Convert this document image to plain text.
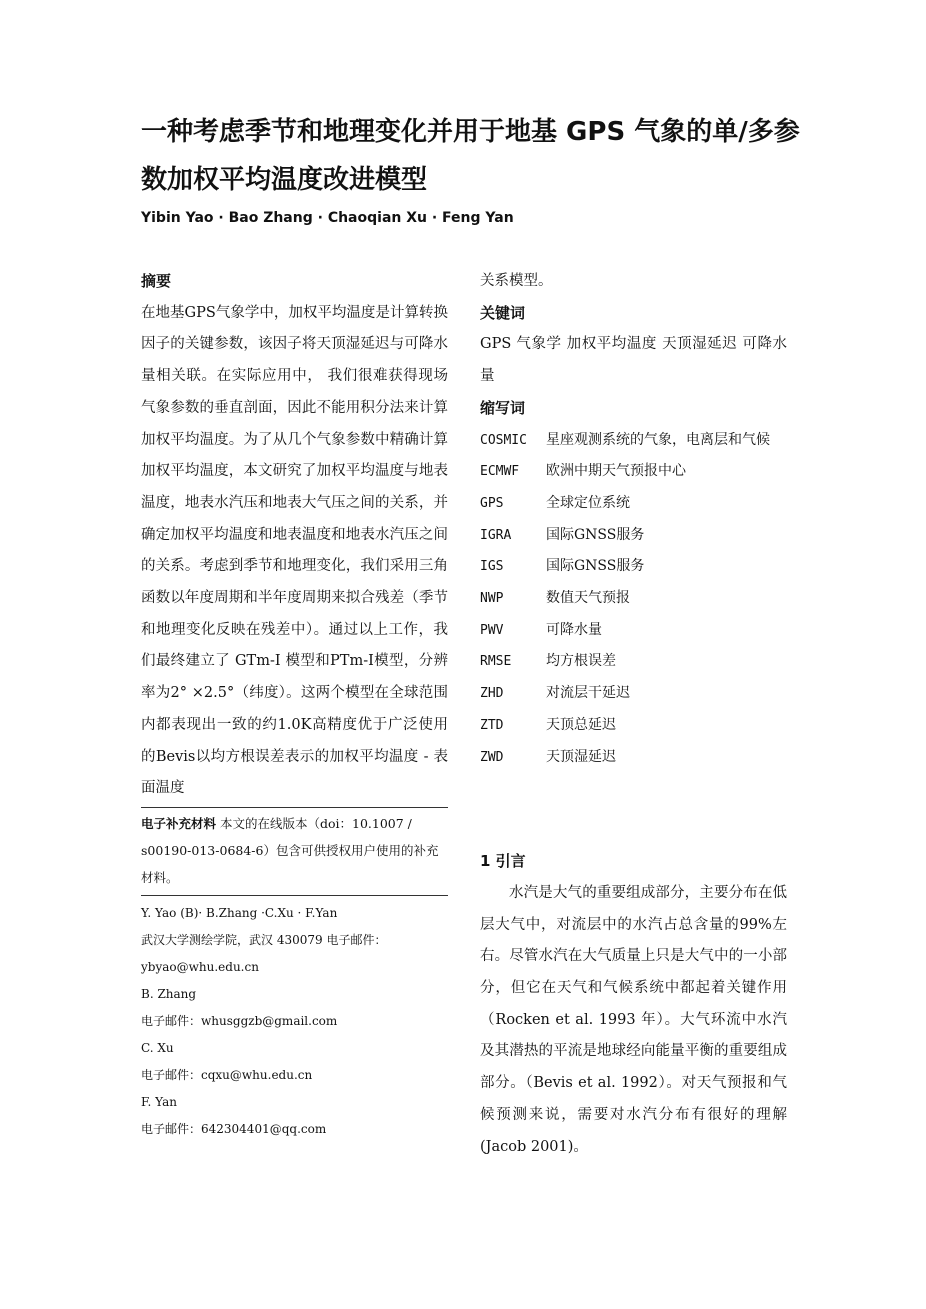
一种考虑季节和地理变化并用于地基 GPS 气象的单/多参数加权平均温度改进模型
Yibin Yao · Bao Zhang · Chaoqian Xu · Feng Yan
摘要
在地基GPS气象学中，加权平均温度是计算转换因子的关键参数，该因子将天顶湿延迟与可降水量相关联。在实际应用中， 我们很难获得现场气象参数的垂直剖面，因此不能用积分法来计算加权平均温度。为了从几个气象参数中精确计算加权平均温度，本文研究了加权平均温度与地表温度，地表水汽压和地表大气压之间的关系，并确定加权平均温度和地表温度和地表水汽压之间的关系。考虑到季节和地理变化，我们采用三角函数以年度周期和半年度周期来拟合残差（季节和地理变化反映在残差中）。通过以上工作，我们最终建立了 GTm-I 模型和PTm-I模型，分辨率为2° ×2.5°（纬度）。这两个模型在全球范围内都表现出一致的约1.0K高精度优于广泛使用的Bevis以均方根误差表示的加权平均温度 - 表面温度
电子补充材料 本文的在线版本（doi：10.1007 / s00190-013-0684-6）包含可供授权用户使用的补充材料。
Y. Yao (B)· B.Zhang ·C.Xu · F.Yan
武汉大学测绘学院，武汉 430079 电子邮件：ybyao@whu.edu.cn
B. Zhang
电子邮件：whusggzb@gmail.com
C. Xu
电子邮件：cqxu@whu.edu.cn
F. Yan
电子邮件：642304401@qq.com
关系模型。
关键词
GPS 气象学 加权平均温度 天顶湿延迟 可降水量
缩写词
COSMIC	星座观测系统的气象，电离层和气候
ECMWF	欧洲中期天气预报中心
GPS	全球定位系统
IGRA	国际GNSS服务
IGS	国际GNSS服务
NWP	数值天气预报
PWV	可降水量
RMSE	均方根误差
ZHD	对流层干延迟
ZTD	天顶总延迟
ZWD	天顶湿延迟
1 引言
水汽是大气的重要组成部分，主要分布在低层大气中，对流层中的水汽占总含量的99%左右。尽管水汽在大气质量上只是大气中的一小部分，但它在天气和气候系统中都起着关键作用（Rocken et al. 1993 年）。大气环流中水汽及其潜热的平流是地球经向能量平衡的重要组成部分。（Bevis et al. 1992）。对天气预报和气候预测来说，需要对水汽分布有很好的理解(Jacob 2001)。
